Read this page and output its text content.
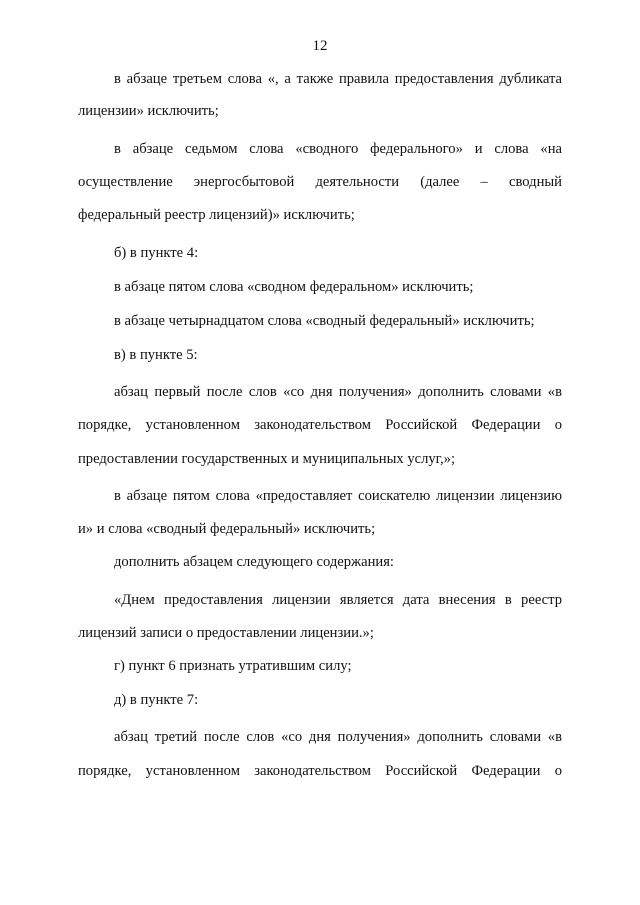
12
в абзаце третьем слова «, а также правила предоставления дубликата
лицензии» исключить;
в абзаце седьмом слова «сводного федерального» и слова «на
осуществление энергосбытовой деятельности (далее – сводный
федеральный реестр лицензий)» исключить;
б) в пункте 4:
в абзаце пятом слова «сводном федеральном» исключить;
в абзаце четырнадцатом слова «сводный федеральный» исключить;
в) в пункте 5:
абзац первый после слов «со дня получения» дополнить словами «в
порядке, установленном законодательством Российской Федерации о
предоставлении государственных и муниципальных услуг,»;
в абзаце пятом слова «предоставляет соискателю лицензии лицензию
и» и слова «сводный федеральный» исключить;
дополнить абзацем следующего содержания:
«Днем предоставления лицензии является дата внесения в реестр
лицензий записи о предоставлении лицензии.»;
г) пункт 6 признать утратившим силу;
д) в пункте 7:
абзац третий после слов «со дня получения» дополнить словами «в
порядке, установленном законодательством Российской Федерации о
